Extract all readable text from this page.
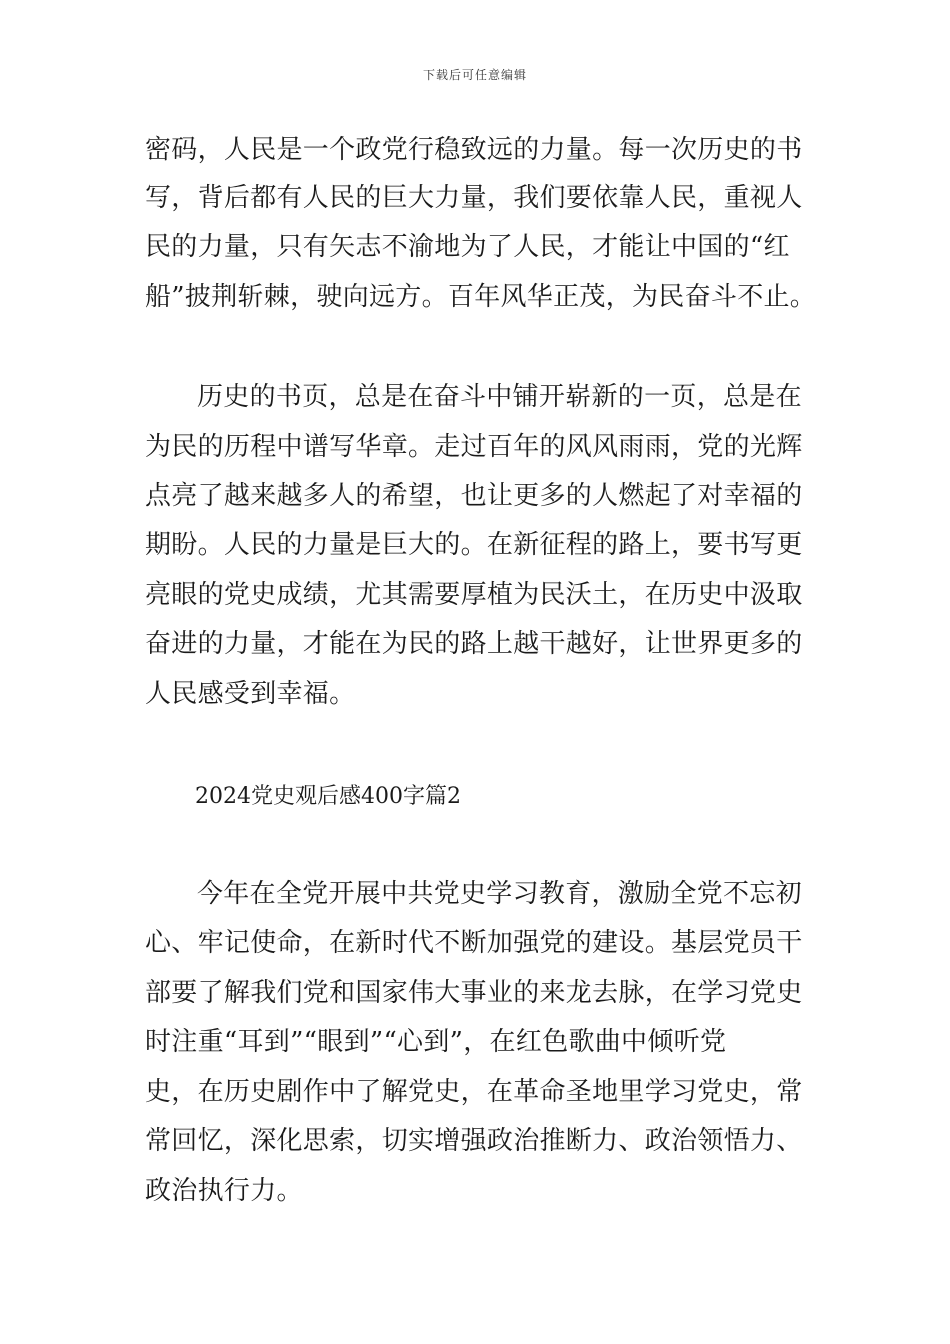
下载后可任意编辑
密码，人民是一个政党行稳致远的力量。每一次历史的书
写，背后都有人民的巨大力量，我们要依靠人民，重视人
民的力量，只有矢志不渝地为了人民，才能让中国的“红
船”披荆斩棘，驶向远方。百年风华正茂，为民奋斗不止。
历史的书页，总是在奋斗中铺开崭新的一页，总是在
为民的历程中谱写华章。走过百年的风风雨雨，党的光辉
点亮了越来越多人的希望，也让更多的人燃起了对幸福的
期盼。人民的力量是巨大的。在新征程的路上，要书写更
亮眼的党史成绩，尤其需要厚植为民沃土，在历史中汲取
奋进的力量，才能在为民的路上越干越好，让世界更多的
人民感受到幸福。
2024党史观后感400字篇2
今年在全党开展中共党史学习教育，激励全党不忘初
心、牢记使命，在新时代不断加强党的建设。基层党员干
部要了解我们党和国家伟大事业的来龙去脉，在学习党史
时注重“耳到”“眼到”“心到”，在红色歌曲中倾听党
史，在历史剧作中了解党史，在革命圣地里学习党史，常
常回忆，深化思索，切实增强政治推断力、政治领悟力、
政治执行力。
